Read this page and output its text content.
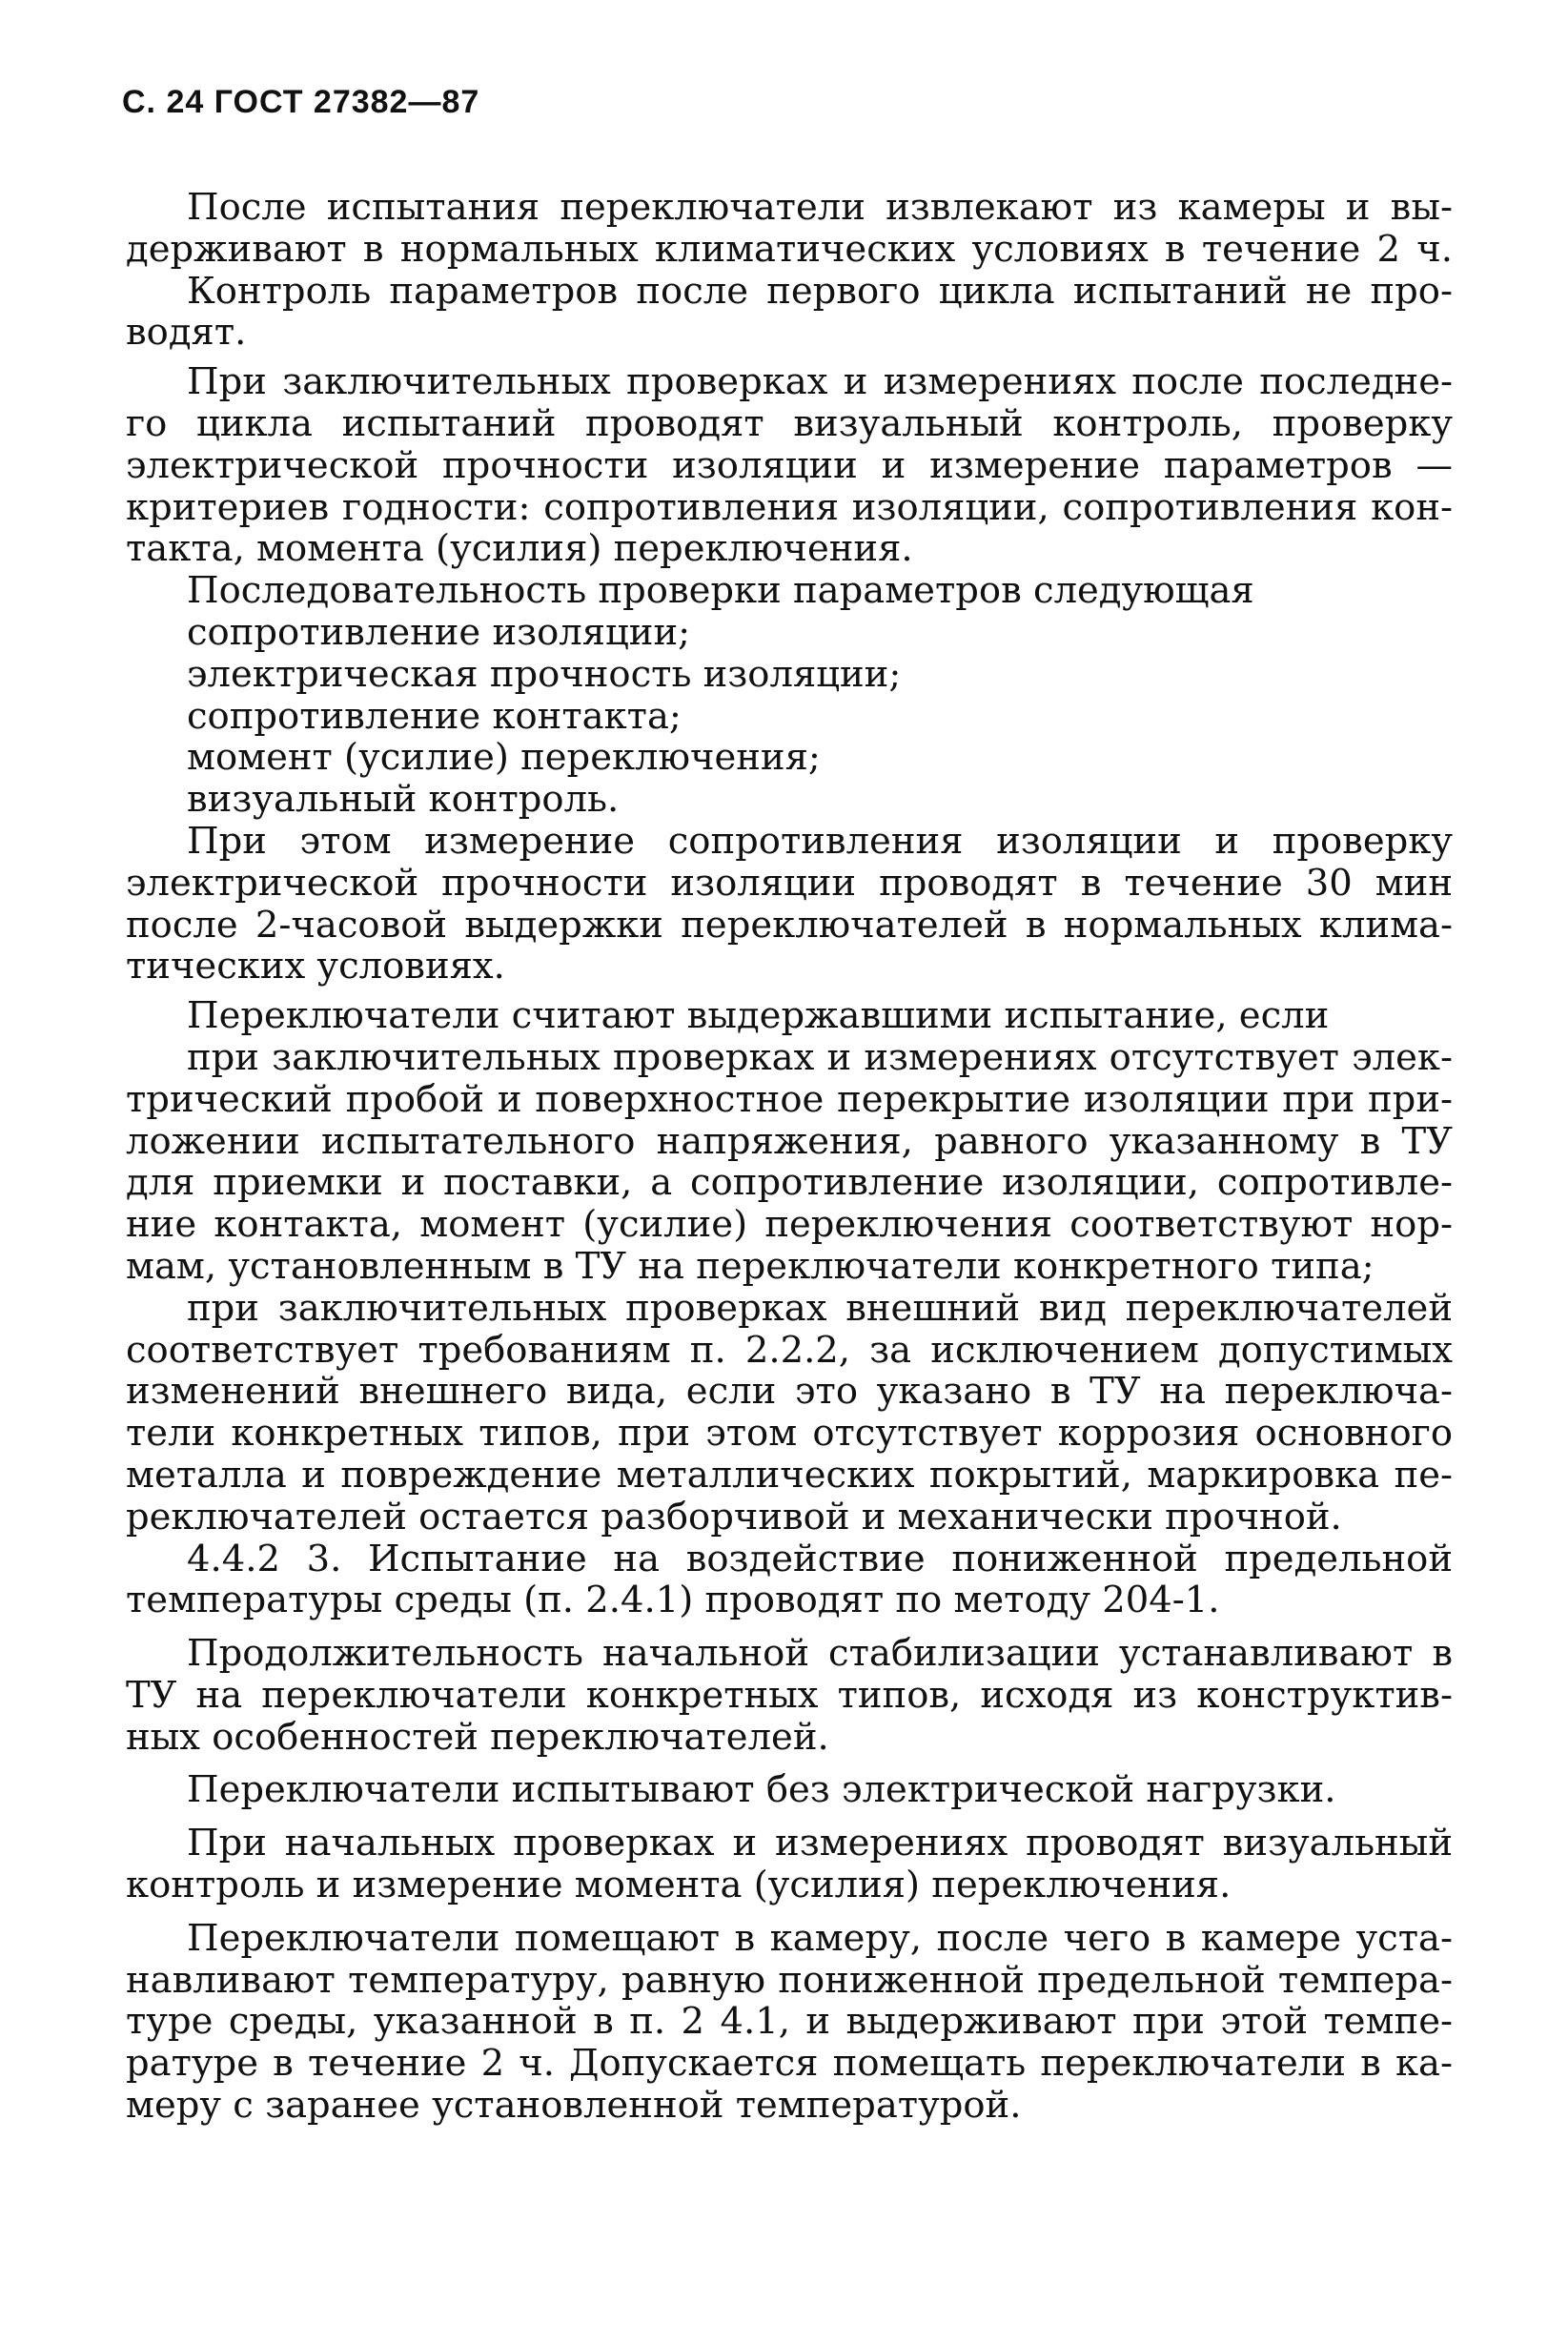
С. 24 ГОСТ 27382—87
После испытания переключатели извлекают из камеры и вы-
держивают в нормальных климатических условиях в течение 2 ч.
Контроль параметров после первого цикла испытаний не про-
водят.
При заключительных проверках и измерениях после последне-
го цикла испытаний проводят визуальный контроль, проверку
электрической прочности изоляции и измерение параметров —
критериев годности: сопротивления изоляции, сопротивления кон-
такта, момента (усилия) переключения.
Последовательность проверки параметров следующая
сопротивление изоляции;
электрическая прочность изоляции;
сопротивление контакта;
момент (усилие) переключения;
визуальный контроль.
При этом измерение сопротивления изоляции и проверку
электрической прочности изоляции проводят в течение 30 мин
после 2-часовой выдержки переключателей в нормальных клима-
тических условиях.
Переключатели считают выдержавшими испытание, если
при заключительных проверках и измерениях отсутствует элек-
трический пробой и поверхностное перекрытие изоляции при при-
ложении испытательного напряжения, равного указанному в ТУ
для приемки и поставки, а сопротивление изоляции, сопротивле-
ние контакта, момент (усилие) переключения соответствуют нор-
мам, установленным в ТУ на переключатели конкретного типа;
при заключительных проверках внешний вид переключателей
соответствует требованиям п. 2.2.2, за исключением допустимых
изменений внешнего вида, если это указано в ТУ на переключа-
тели конкретных типов, при этом отсутствует коррозия основного
металла и повреждение металлических покрытий, маркировка пе-
реключателей остается разборчивой и механически прочной.
4.4.2 3. Испытание на воздействие пониженной предельной
температуры среды (п. 2.4.1) проводят по методу 204-1.
Продолжительность начальной стабилизации устанавливают в
ТУ на переключатели конкретных типов, исходя из конструктив-
ных особенностей переключателей.
Переключатели испытывают без электрической нагрузки.
При начальных проверках и измерениях проводят визуальный
контроль и измерение момента (усилия) переключения.
Переключатели помещают в камеру, после чего в камере уста-
навливают температуру, равную пониженной предельной темпера-
туре среды, указанной в п. 2 4.1, и выдерживают при этой темпе-
ратуре в течение 2 ч. Допускается помещать переключатели в ка-
меру с заранее установленной температурой.
